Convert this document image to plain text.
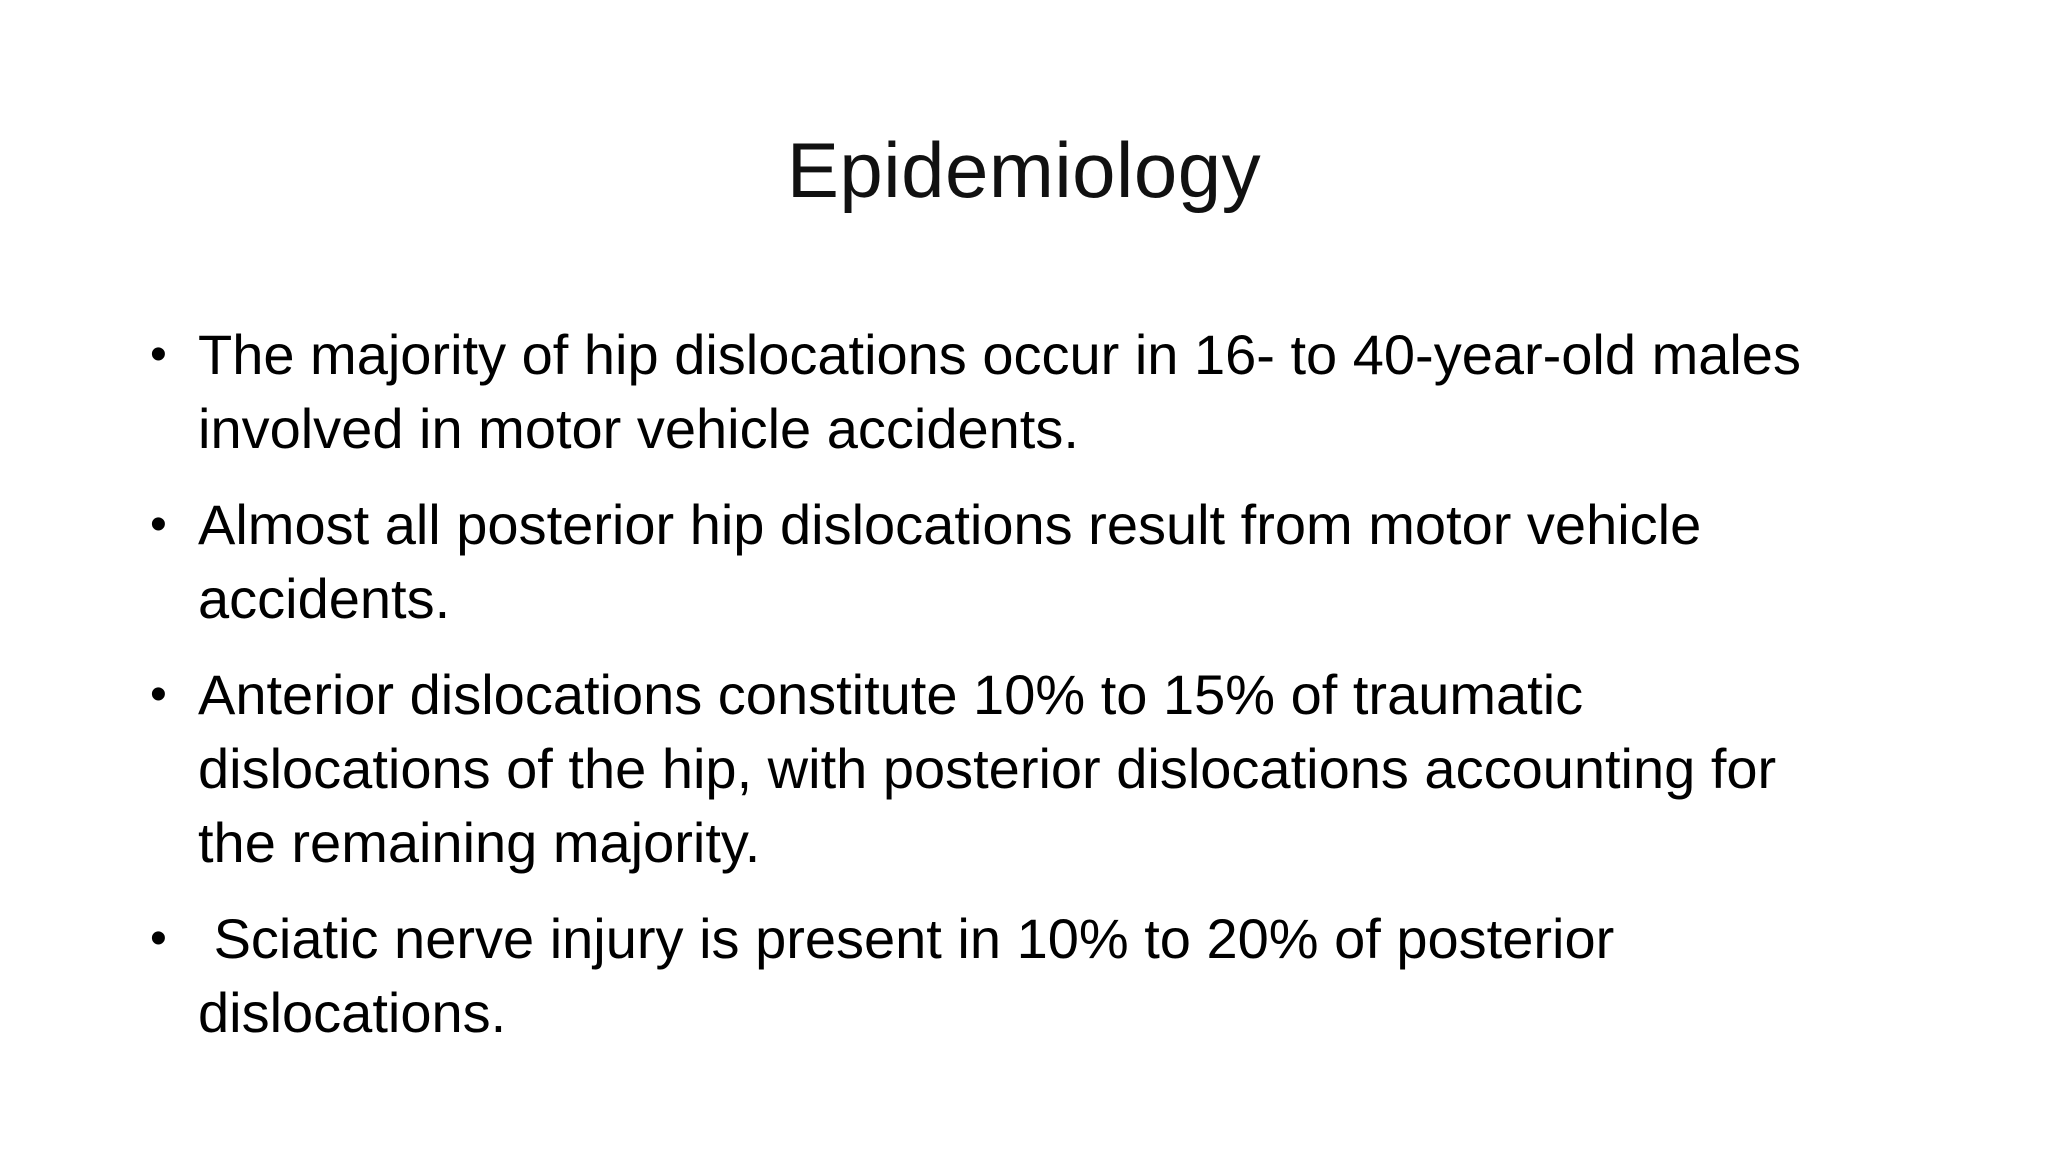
Epidemiology
• The majority of hip dislocations occur in 16- to 40-year-old males involved in motor vehicle accidents.
• Almost all posterior hip dislocations result from motor vehicle accidents.
• Anterior dislocations constitute 10% to 15% of traumatic dislocations of the hip, with posterior dislocations accounting for the remaining majority.
• Sciatic nerve injury is present in 10% to 20% of posterior dislocations.
